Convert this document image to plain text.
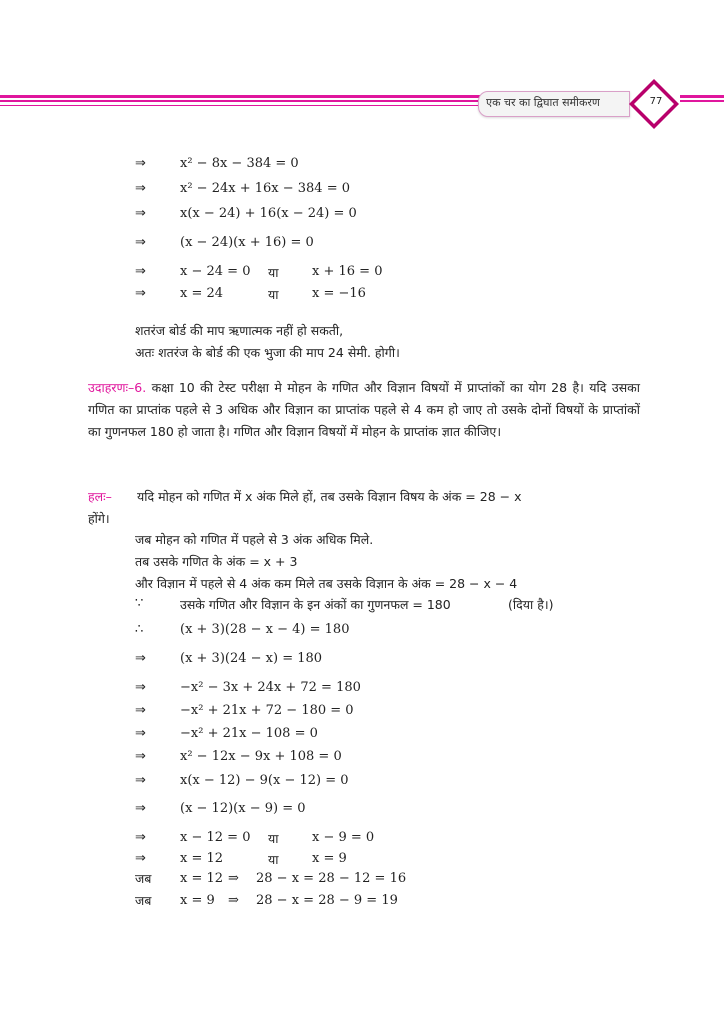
एक चर का द्विघात समीकरण	77
⇒	x² − 8x − 384 = 0
⇒	x² − 24x + 16x − 384 = 0
⇒	x(x − 24) + 16(x − 24) = 0
⇒	(x − 24)(x + 16) = 0
⇒	x − 24 = 0 या	x + 16 = 0
⇒	x = 24	या	x = −16
शतरंज बोर्ड की माप ऋणात्मक नहीं हो सकती,
अतः शतरंज के बोर्ड की एक भुजा की माप 24 सेमी. होगी।
उदाहरणः–6. कक्षा 10 की टेस्ट परीक्षा मे मोहन के गणित और विज्ञान विषयों में प्राप्तांकों का योग 28 है। यदि उसका गणित का प्राप्तांक पहले से 3 अधिक और विज्ञान का प्राप्तांक पहले से 4 कम हो जाए तो उसके दोनों विषयों के प्राप्तांकों का गुणनफल 180 हो जाता है। गणित और विज्ञान विषयों में मोहन के प्राप्तांक ज्ञात कीजिए।
हलः– यदि मोहन को गणित में x अंक मिले हों, तब उसके विज्ञान विषय के अंक = 28 − x
होंगे।
जब मोहन को गणित में पहले से 3 अंक अधिक मिले.
तब उसके गणित के अंक = x + 3
और विज्ञान में पहले से 4 अंक कम मिले तब उसके विज्ञान के अंक = 28 − x − 4
∵	उसके गणित और विज्ञान के इन अंकों का गुणनफल = 180	(दिया है।)
∴	(x + 3)(28 − x − 4) = 180
⇒	(x + 3)(24 − x) = 180
⇒	−x² − 3x + 24x + 72 = 180
⇒	−x² + 21x + 72 − 180 = 0
⇒	−x² + 21x − 108 = 0
⇒	x² − 12x − 9x + 108 = 0
⇒	x(x − 12) − 9(x − 12) = 0
⇒	(x − 12)(x − 9) = 0
⇒	x − 12 = 0 या	x − 9 = 0
⇒	x = 12	या	x = 9
जब x = 12 ⇒ 28 − x = 28 − 12 = 16
जब x = 9 ⇒ 28 − x = 28 − 9 = 19
